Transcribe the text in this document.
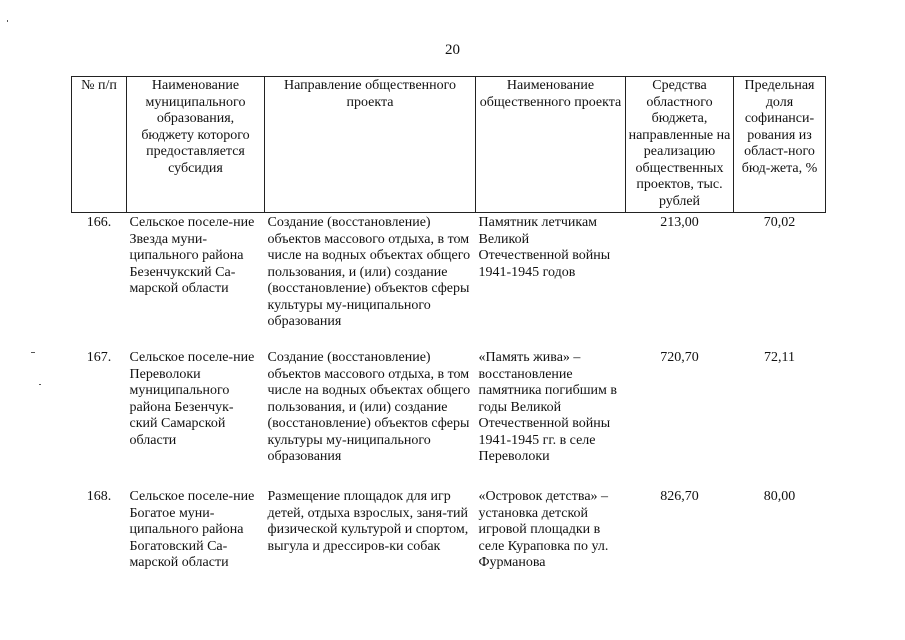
20
№ п/п	Наименование муниципального образования, бюджету которого предоставляется субсидия	Направление общественного проекта	Наименование общественного проекта	Средства областного бюджета, направленные на реализацию общественных проектов, тыс. рублей	Предельная доля софинанси-рования из област-ного бюд-жета, %
166.	Сельское поселе-ние Звезда муни-ципального района Безенчукский Са-марской области	Создание (восстановление) объектов массового отдыха, в том числе на водных объектах общего пользования, и (или) создание (восстановление) объектов сферы культуры му-ниципального образования	Памятник летчикам Великой Отечественной войны 1941-1945 годов	213,00	70,02
167.	Сельское поселе-ние Переволоки муниципального района Безенчук-ский Самарской области	Создание (восстановление) объектов массового отдыха, в том числе на водных объектах общего пользования, и (или) создание (восстановление) объектов сферы культуры му-ниципального образования	«Память жива» – восстановление памятника погибшим в годы Великой Отечественной войны 1941-1945 гг. в селе Переволоки	720,70	72,11
168.	Сельское поселе-ние Богатое муни-ципального района Богатовский Са-марской области	Размещение площадок для игр детей, отдыха взрослых, заня-тий физической культурой и спортом, выгула и дрессиров-ки собак	«Островок детства» – установка детской игровой площадки в селе Кураповка по ул. Фурманова	826,70	80,00
